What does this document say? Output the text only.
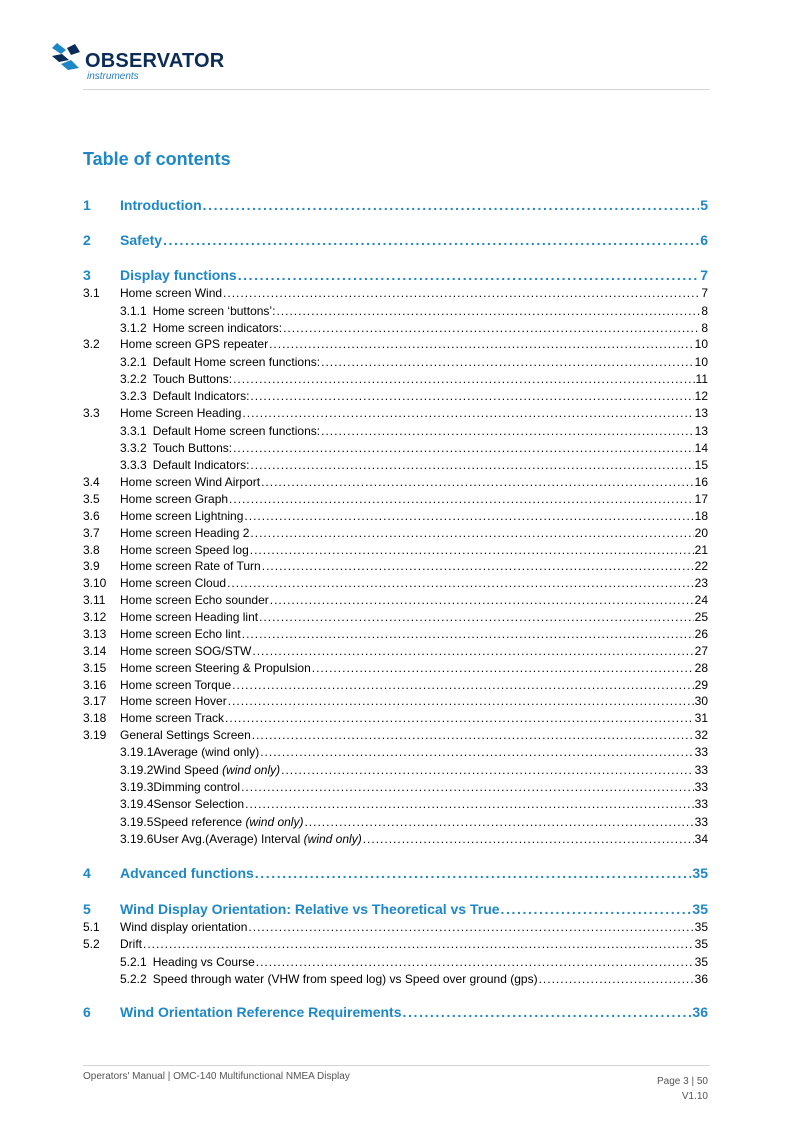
OBSERVATOR
instruments
Table of contents
1	Introduction .....	5
2	Safety .....	6
3	Display functions .....	7
3.1	Home screen Wind .....	7
3.1.1 Home screen ‘buttons’: .....	8
3.1.2 Home screen indicators: .....	8
3.2	Home screen GPS repeater .....	10
3.2.1 Default Home screen functions: .....	10
3.2.2 Touch Buttons: .....	11
3.2.3 Default Indicators: .....	12
3.3	Home Screen Heading .....	13
3.3.1 Default Home screen functions: .....	13
3.3.2 Touch Buttons: .....	14
3.3.3 Default Indicators: .....	15
3.4	Home screen Wind Airport .....	16
3.5	Home screen Graph .....	17
3.6	Home screen Lightning .....	18
3.7	Home screen Heading 2 .....	20
3.8	Home screen Speed log .....	21
3.9	Home screen Rate of Turn .....	22
3.10	Home screen Cloud .....	23
3.11	Home screen Echo sounder .....	24
3.12	Home screen Heading lint .....	25
3.13	Home screen Echo lint .....	26
3.14	Home screen SOG/STW .....	27
3.15	Home screen Steering & Propulsion .....	28
3.16	Home screen Torque .....	29
3.17	Home screen Hover .....	30
3.18	Home screen Track .....	31
3.19	General Settings Screen .....	32
3.19.1 Average (wind only) .....	33
3.19.2 Wind Speed (wind only) .....	33
3.19.3 Dimming control .....	33
3.19.4 Sensor Selection .....	33
3.19.5 Speed reference (wind only) .....	33
3.19.6 User Avg.(Average) Interval (wind only) .....	34
4	Advanced functions .....	35
5	Wind Display Orientation: Relative vs Theoretical vs True .....	35
5.1	Wind display orientation .....	35
5.2	Drift .....	35
5.2.1 Heading vs Course .....	35
5.2.2 Speed through water (VHW from speed log) vs Speed over ground (gps) .....	36
6	Wind Orientation Reference Requirements .....	36
Operators' Manual | OMC-140 Multifunctional NMEA Display	Page 3 | 50
V1.10
